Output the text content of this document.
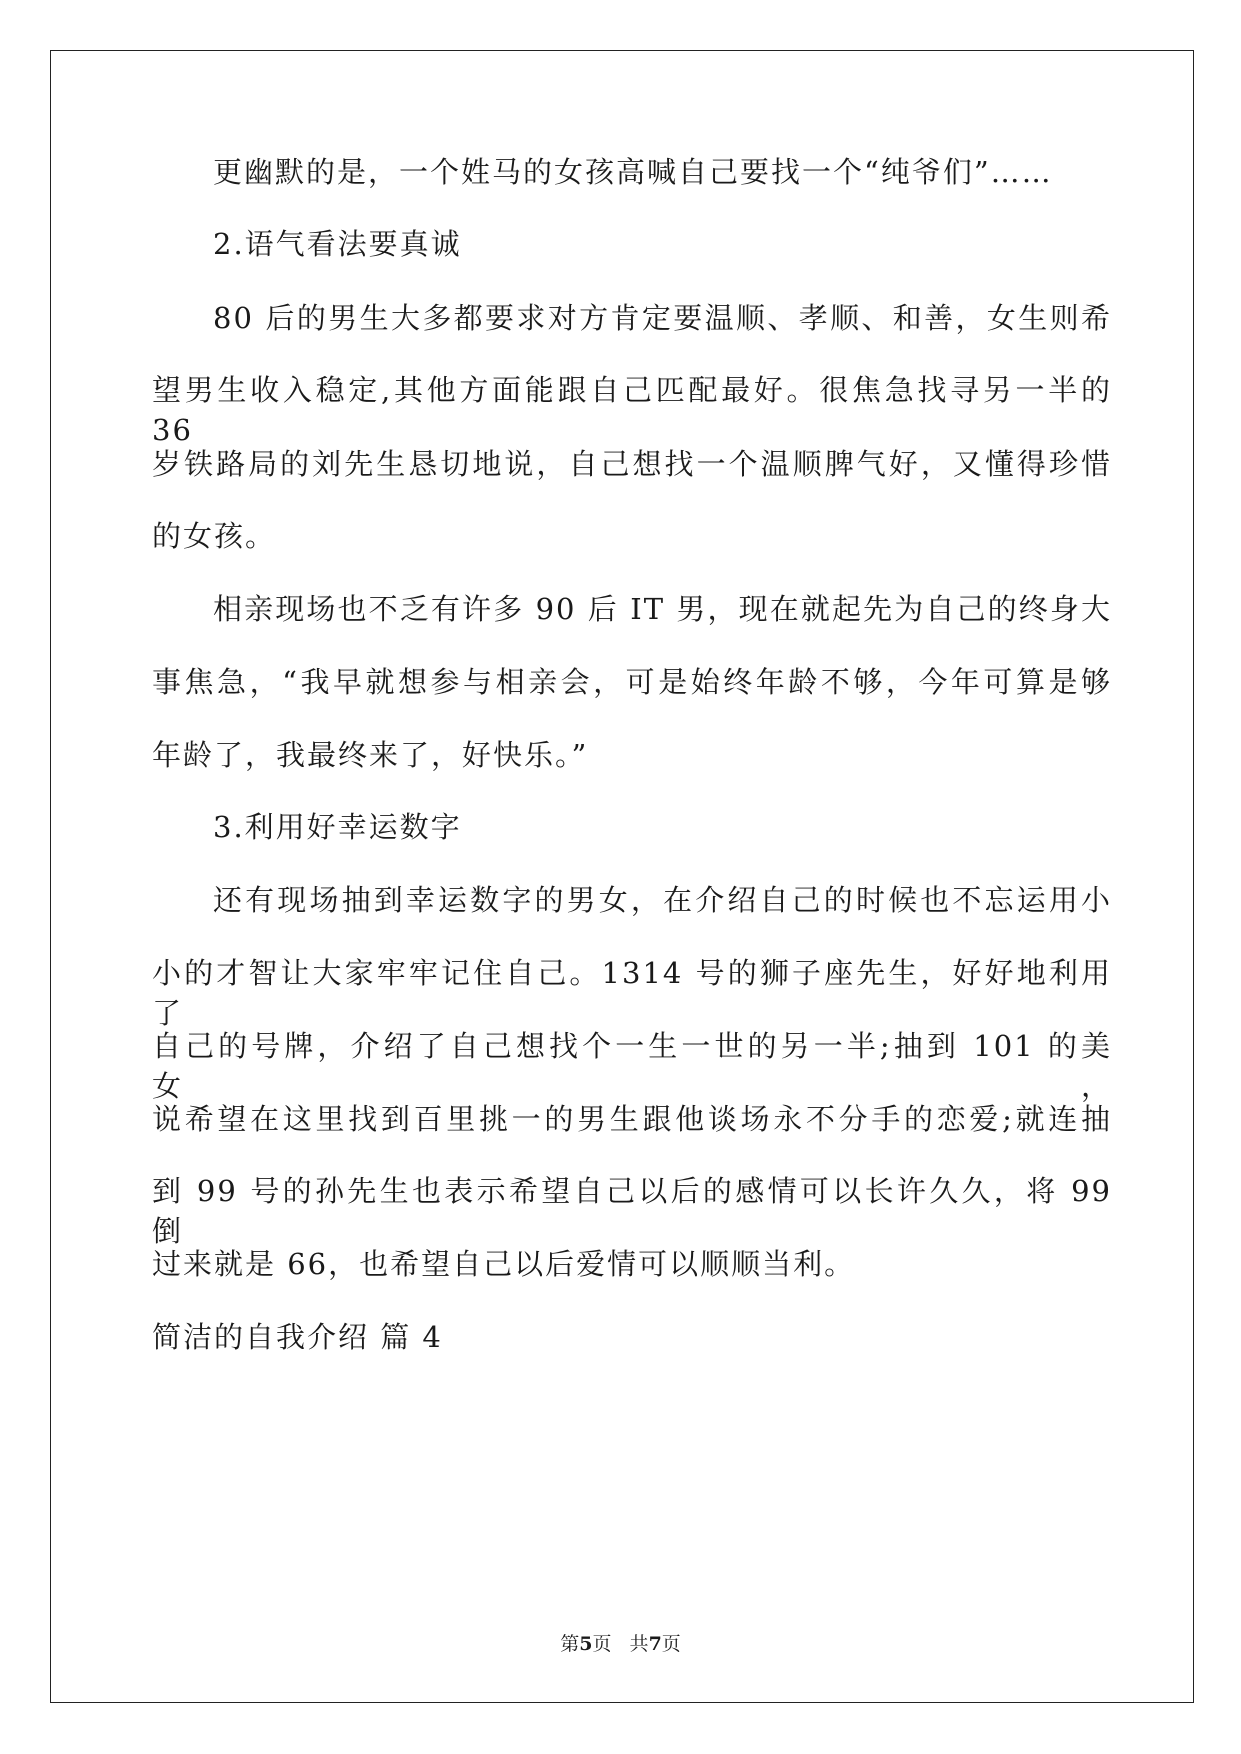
更幽默的是，一个姓马的女孩高喊自己要找一个“纯爷们”……
2.语气看法要真诚
80 后的男生大多都要求对方肯定要温顺、孝顺、和善，女生则希
望男生收入稳定,其他方面能跟自己匹配最好。很焦急找寻另一半的 36
岁铁路局的刘先生恳切地说，自己想找一个温顺脾气好，又懂得珍惜
的女孩。
相亲现场也不乏有许多 90 后 IT 男，现在就起先为自己的终身大
事焦急，“我早就想参与相亲会，可是始终年龄不够，今年可算是够
年龄了，我最终来了，好快乐。”
3.利用好幸运数字
还有现场抽到幸运数字的男女，在介绍自己的时候也不忘运用小
小的才智让大家牢牢记住自己。1314 号的狮子座先生，好好地利用了
自己的号牌，介绍了自己想找个一生一世的另一半;抽到 101 的美女，
说希望在这里找到百里挑一的男生跟他谈场永不分手的恋爱;就连抽
到 99 号的孙先生也表示希望自己以后的感情可以长许久久，将 99 倒
过来就是 66，也希望自己以后爱情可以顺顺当利。
简洁的自我介绍 篇 4
第5页   共7页
